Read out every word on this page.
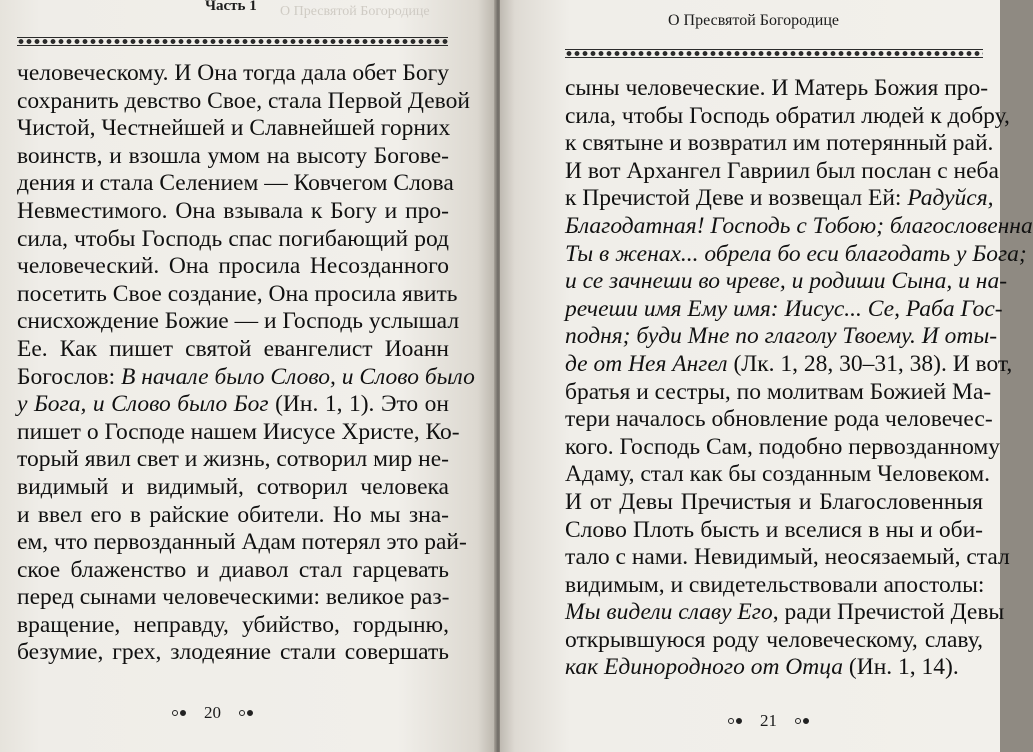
О Пресвятой Богородице
Часть 1
человеческому. И Она тогда дала обет Богу
сохранить девство Свое, стала Первой Девой
Чистой, Честнейшей и Славнейшей горних
воинств, и взошла умом на высоту Богове-
дения и стала Селением — Ковчегом Слова
Невместимого. Она взывала к Богу и про-
сила, чтобы Господь спас погибающий род
человеческий. Она просила Несозданного
посетить Свое создание, Она просила явить
снисхождение Божие — и Господь услышал
Ее. Как пишет святой евангелист Иоанн
Богослов: В начале было Слово, и Слово было
у Бога, и Слово было Бог (Ин. 1, 1). Это он
пишет о Господе нашем Иисусе Христе, Ко-
торый явил свет и жизнь, сотворил мир не-
видимый и видимый, сотворил человека
и ввел его в райские обители. Но мы зна-
ем, что первозданный Адам потерял это рай-
ское блаженство и диавол стал гарцевать
перед сынами человеческими: великое раз-
вращение, неправду, убийство, гордыню,
безумие, грех, злодеяние стали совершать
20
О Пресвятой Богородице
сыны человеческие. И Матерь Божия про-
сила, чтобы Господь обратил людей к добру,
к святыне и возвратил им потерянный рай.
И вот Архангел Гавриил был послан с неба
к Пречистой Деве и возвещал Ей: Радуйся,
Благодатная! Господь с Тобою; благословенна
Ты в женах... обрела бо еси благодать у Бога;
и се зачнеши во чреве, и родиши Сына, и на-
речеши имя Ему имя: Иисус... Се, Раба Гос-
подня; буди Мне по глаголу Твоему. И оты-
де от Нея Ангел (Лк. 1, 28, 30–31, 38). И вот,
братья и сестры, по молитвам Божией Ма-
тери началось обновление рода человечес-
кого. Господь Сам, подобно первозданному
Адаму, стал как бы созданным Человеком.
И от Девы Пречистыя и Благословенныя
Слово Плоть бысть и вселися в ны и оби-
тало с нами. Невидимый, неосязаемый, стал
видимым, и свидетельствовали апостолы:
Мы видели славу Его, ради Пречистой Девы
открывшуюся роду человеческому, славу,
как Единородного от Отца (Ин. 1, 14).
21
